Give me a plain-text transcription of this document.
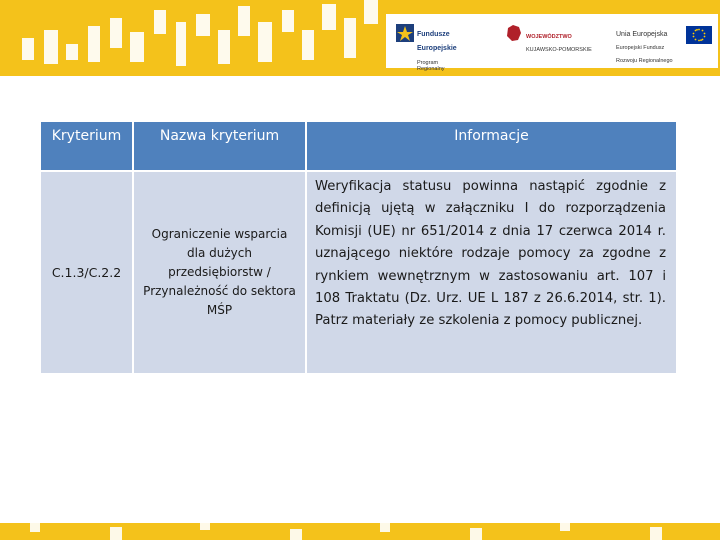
Fundusze

Europejskie

Program Regionalny

WOJEWÓDZTWO

KUJAWSKO-POMORSKIE

Unia Europejska

Europejski Fundusz

Rozwoju Regionalnego

Kryterium	Nazwa kryterium	Informacje
C.1.3/C.2.2
Ograniczenie wsparcia dla dużych przedsiębiorstw / Przynależność do sektora MŚP
Weryfikacja statusu powinna nastąpić zgodnie z definicją ujętą w załączniku I do rozporządzenia Komisji (UE) nr 651/2014 z dnia 17 czerwca 2014 r. uznającego niektóre rodzaje pomocy za zgodne z rynkiem wewnętrznym w zastosowaniu art. 107 i 108 Traktatu (Dz. Urz. UE L 187 z 26.6.2014, str. 1). Patrz materiały ze szkolenia z pomocy publicznej.
